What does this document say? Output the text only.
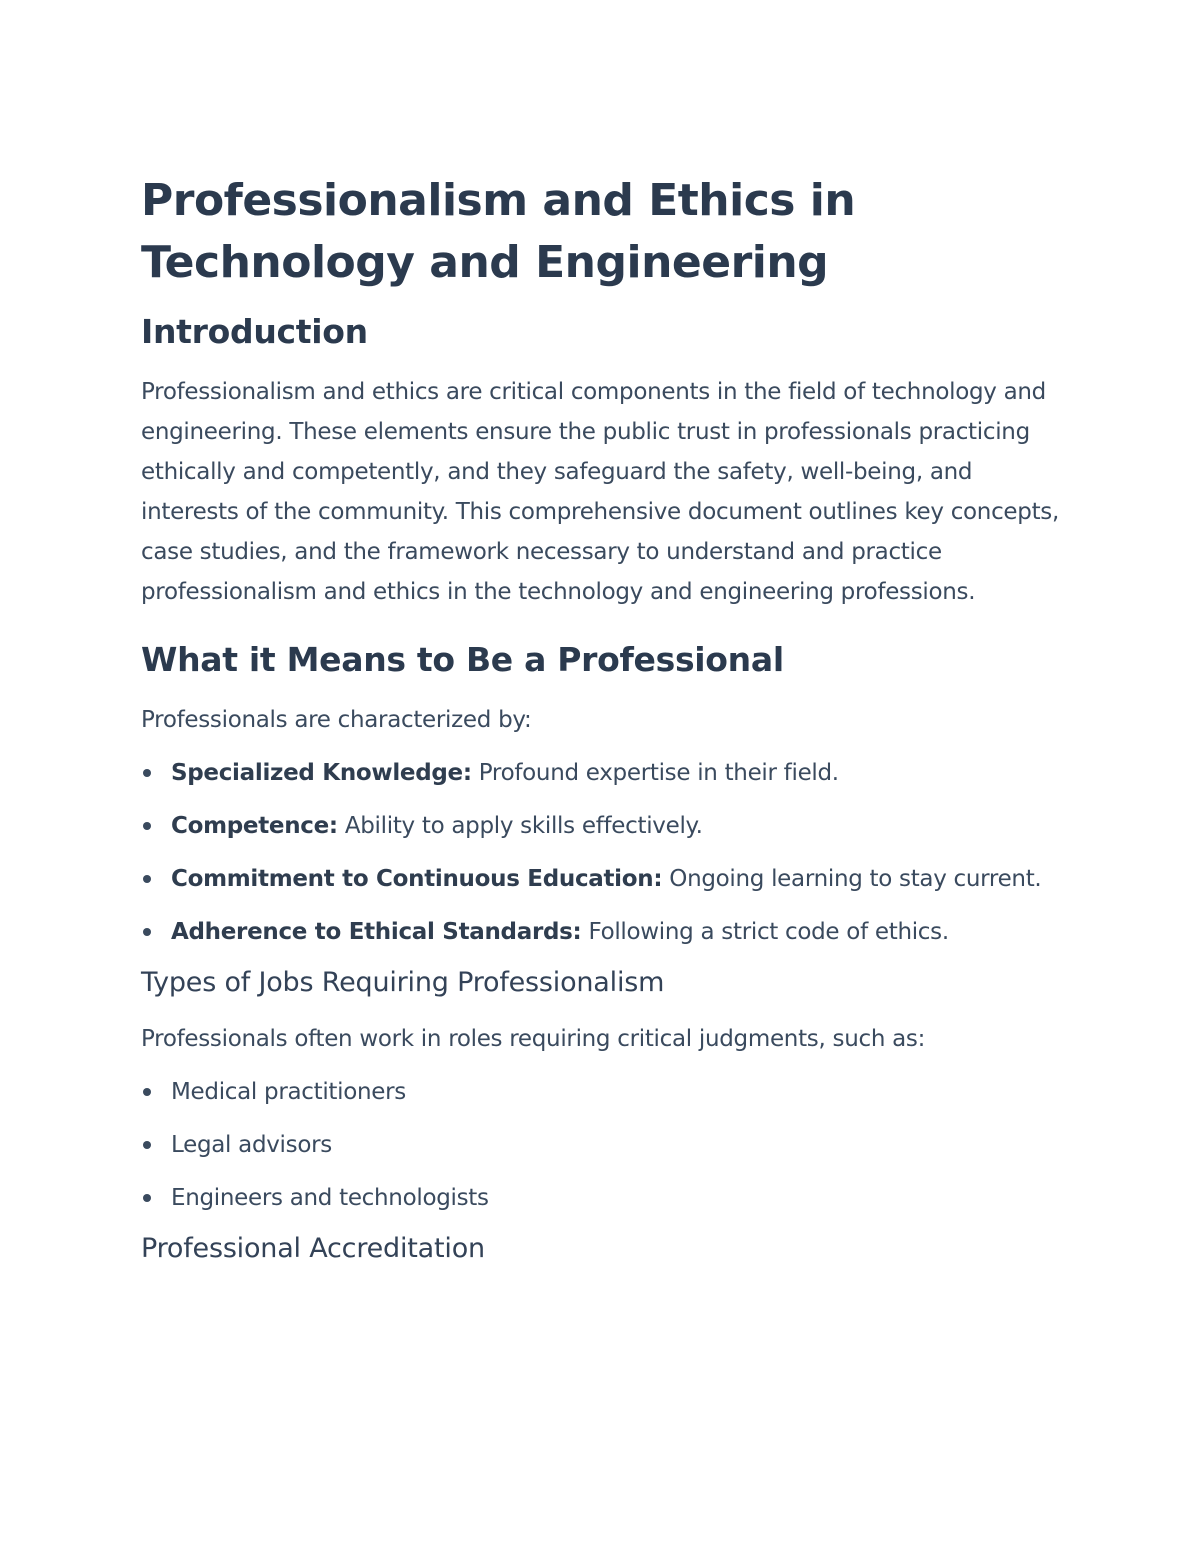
Professionalism and Ethics in Technology and Engineering
Introduction

Professionalism and ethics are critical components in the field of technology and engineering. These elements ensure the public trust in professionals practicing ethically and competently, and they safeguard the safety, well-being, and interests of the community. This comprehensive document outlines key concepts, case studies, and the framework necessary to understand and practice professionalism and ethics in the technology and engineering professions.

What it Means to Be a Professional

Professionals are characterized by:

Specialized Knowledge: Profound expertise in their field.
Competence: Ability to apply skills effectively.
Commitment to Continuous Education: Ongoing learning to stay current.
Adherence to Ethical Standards: Following a strict code of ethics.
Types of Jobs Requiring Professionalism

Professionals often work in roles requiring critical judgments, such as:

Medical practitioners
Legal advisors
Engineers and technologists
Professional Accreditation
